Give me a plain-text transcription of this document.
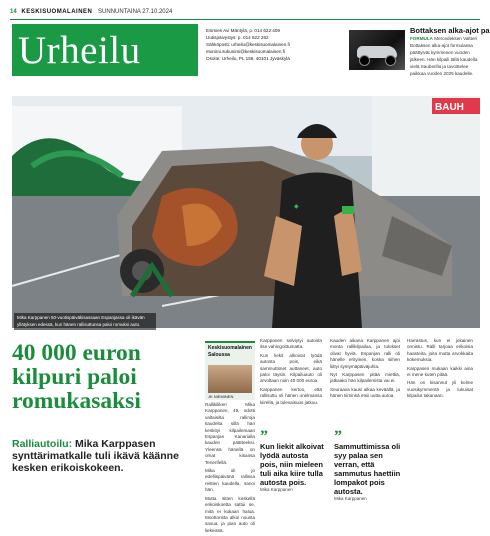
14 KESKISUOMALAINEN SUNNUNTAINA 27.10.2024
Urheilu	Esimies Avi Mäntylä, p. 014 622 409
Uutispäivystys: p. 014 622 262
Sähköposti: urheilu@keskisuomalainen.fi
etunimi.sukunimi@keskisuomalainen.fi
Osoite: Urheilu, PL 159, 40101 Jyväskylä
Bottaksen alka-ajot pa
FORMULA Mercedeksen Valtteri Bottaksen alka-ajot formulassa päättyivät kymmenen vuoden jälkeen. Hän kilpaili tällä kaudella vielä Sauberilla ja tavoittelee paikkaa vuoden 2025 kaudelle.
BAUH
◆
Mika Karppanen 50-vuotispäiväkisassaan Espanjassa oli ikävän yllätyksen edessä, kun hänen rallisuttunsa paloi romuksi auto.
40 000 euron kilpuri paloi romukasaksi
Ralliautoilu: Mika Karppasen synttärimatkalle tuli ikävä käänne kesken erikoiskokeen.
Keskisuomalainen Saloussa
JK NIEMINEN

Rallikilikeri Mika Karppanen, 49, odotti valtaisilta ralliroja kaudelta sillä hän keskityi kilpailemaan Espanjan Kanarialla kauden päätteeksi. Yleensä hänellä on omat kisansa Tenerifellä.

Mika oli jo edellispäivänä rallissa reittien kaudella, sanoi hän.

Mutta sitten keskellä erikoiskoetta sattui se, mitä ei kukaan halua. Moottorista alkoi nousta savua, ja pian auto oli liekeissä.

Karppanen selviytyi autosta itse vahingoittumatta.

Kun liekit alkoivat lyödä autosta pois, eikä sammuttimet auttaneet, auto paloi täysin. Kilpailuauto oli arvoltaan noin 40 000 euroa.

Karppanen kertoo, että rallisuttu oli hänen unelmansa kiirellä, ja tulevaisuus jatkuu.

”
Kun liekit alkoivat lyödä autosta pois, niin mieleen tuli aika kiire tulla autosta pois.
Mika Karppanen

Kauden aikana Karppanen ajoi monta rallikilpailua, ja tulokset olivat hyviä. Espanjan ralli oli hänelle erityinen, koska siihen liittyi syntymäpäiväjuhla.

Nyt Karppasen pitää miettiä, jatkaako hän kilpailemista vai ei.

Seuraava kausi alkaa keväällä, ja hänen tiiminsä etsii uutta autoa.

”
Sammuttimissa oli syy palaa sen verran, että sammutus haettiin lompakot pois autosta.
Mika Karppanen

Harrastus, kun ei jokainen onnistu. Ralli tarjoaa erikoisia haasteita, joita mutta arvokkaita kokemuksia.

Karppasen mukaan kaikki aina ei mene kuten pitää.

Hän on kisannut yli kolme vuosikymmentä ja lukuisat kilpailut takanaan.
